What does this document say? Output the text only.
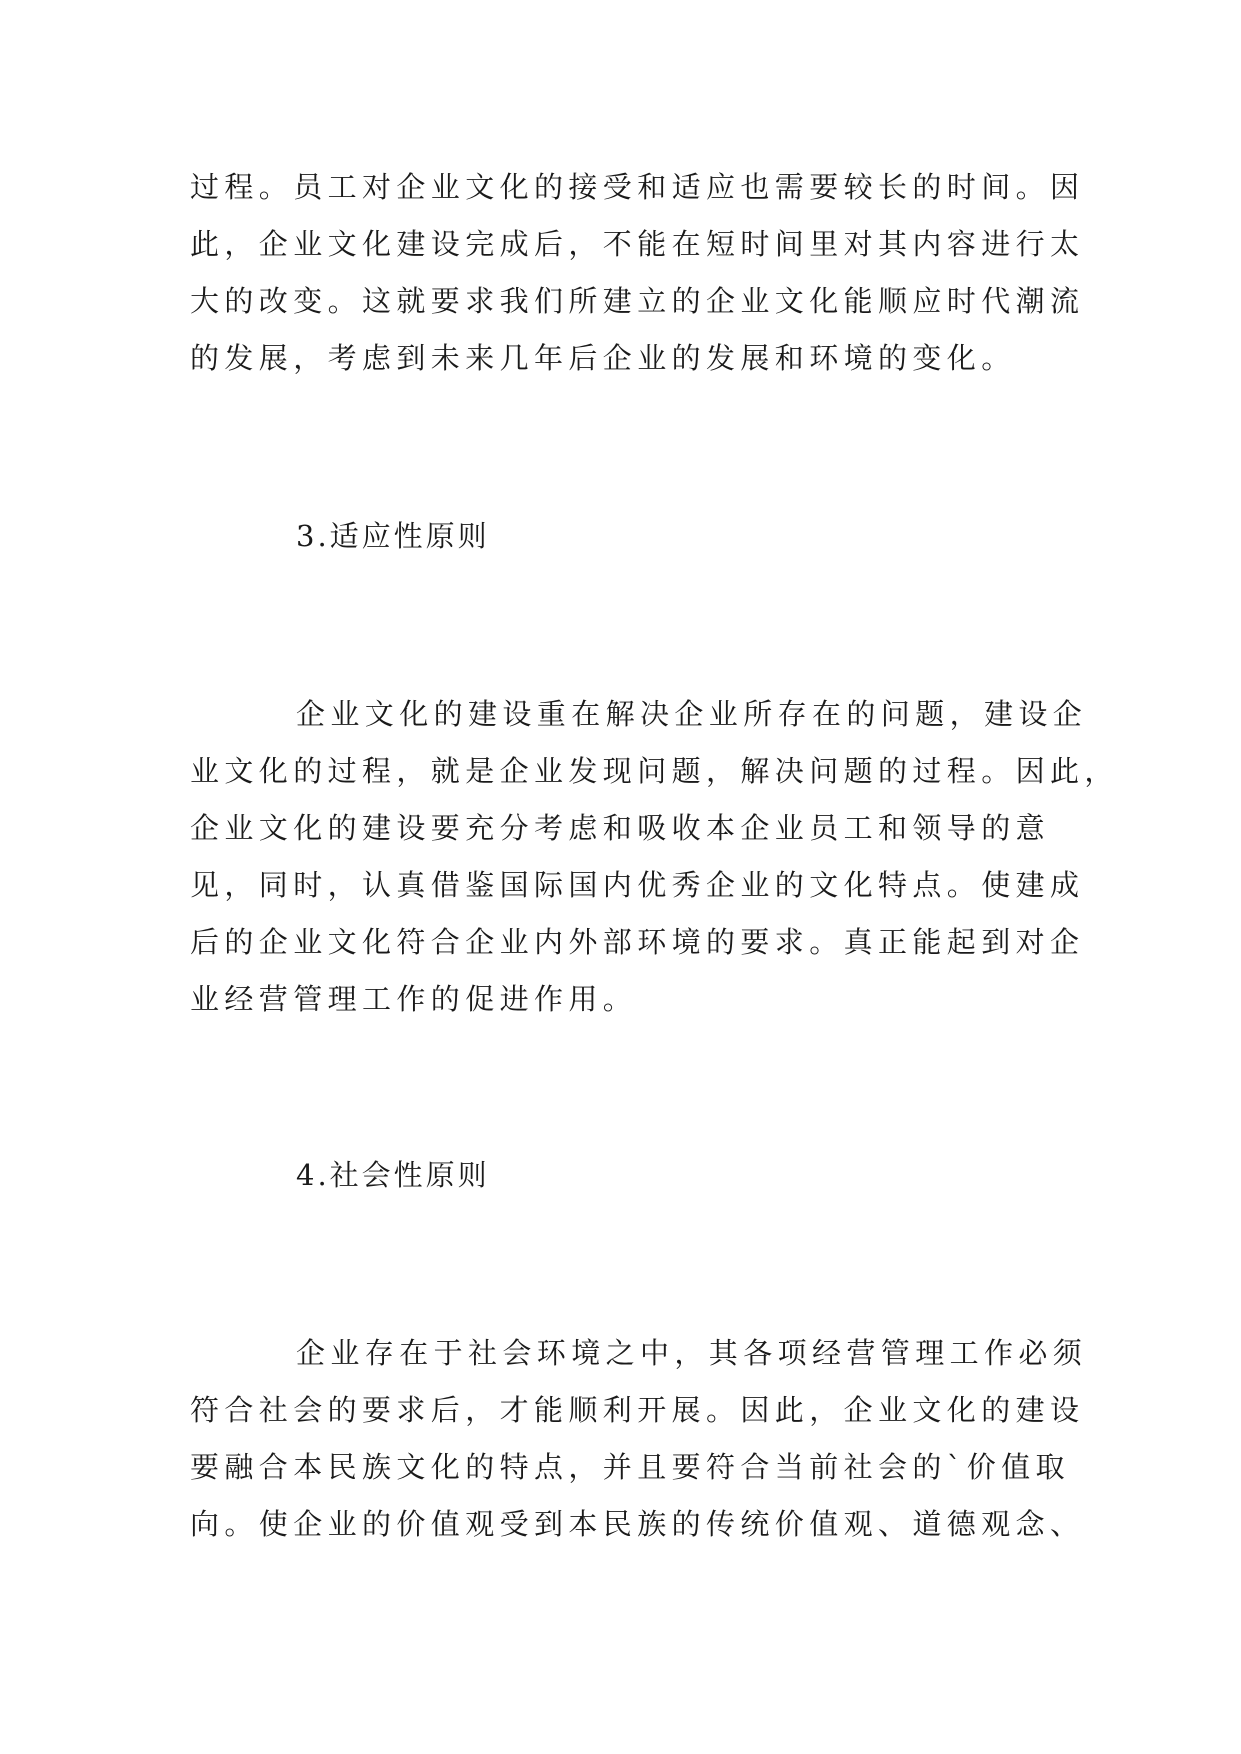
过程。员工对企业文化的接受和适应也需要较长的时间。因
此，企业文化建设完成后，不能在短时间里对其内容进行太
大的改变。这就要求我们所建立的企业文化能顺应时代潮流
的发展，考虑到未来几年后企业的发展和环境的变化。
3.适应性原则
企业文化的建设重在解决企业所存在的问题，建设企
业文化的过程，就是企业发现问题，解决问题的过程。因此，
企业文化的建设要充分考虑和吸收本企业员工和领导的意
见，同时，认真借鉴国际国内优秀企业的文化特点。使建成
后的企业文化符合企业内外部环境的要求。真正能起到对企
业经营管理工作的促进作用。
4.社会性原则
企业存在于社会环境之中，其各项经营管理工作必须
符合社会的要求后，才能顺利开展。因此，企业文化的建设
要融合本民族文化的特点，并且要符合当前社会的`价值取
向。使企业的价值观受到本民族的传统价值观、道德观念、
